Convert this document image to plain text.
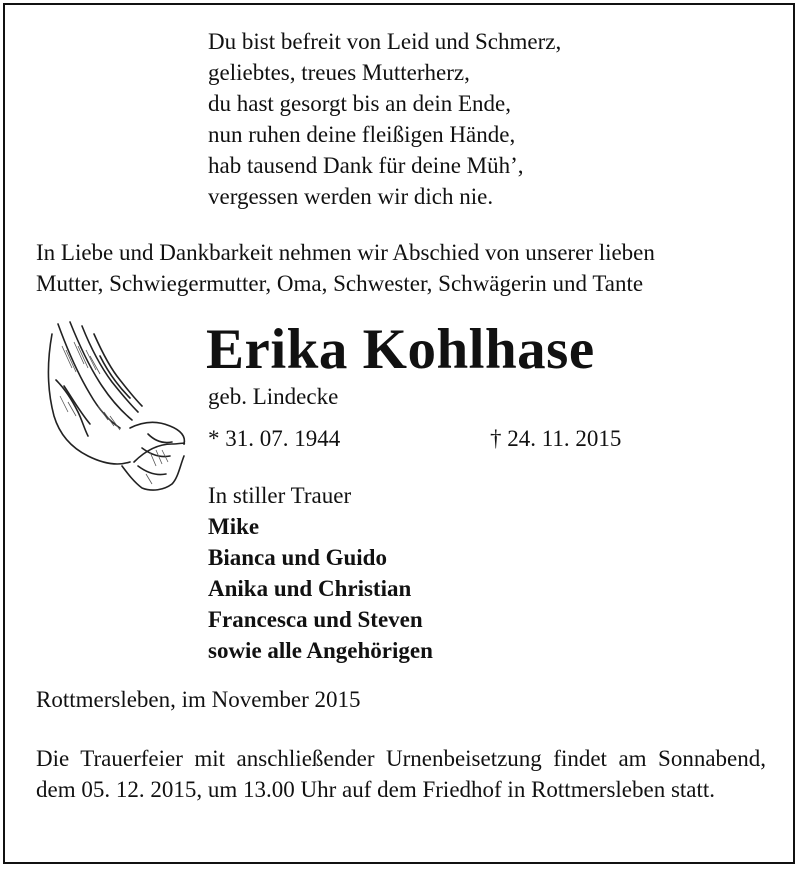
Du bist befreit von Leid und Schmerz,
geliebtes, treues Mutterherz,
du hast gesorgt bis an dein Ende,
nun ruhen deine fleißigen Hände,
hab tausend Dank für deine Müh’,
vergessen werden wir dich nie.
In Liebe und Dankbarkeit nehmen wir Abschied von unserer lieben
Mutter, Schwiegermutter, Oma, Schwester, Schwägerin und Tante
Erika Kohlhase
geb. Lindecke
* 31. 07. 1944	† 24. 11. 2015
In stiller Trauer
Mike
Bianca und Guido
Anika und Christian
Francesca und Steven
sowie alle Angehörigen
Rottmersleben, im November 2015
Die Trauerfeier mit anschließender Urnenbeisetzung findet am Sonnabend, dem 05. 12. 2015, um 13.00 Uhr auf dem Friedhof in Rottmersleben statt.
